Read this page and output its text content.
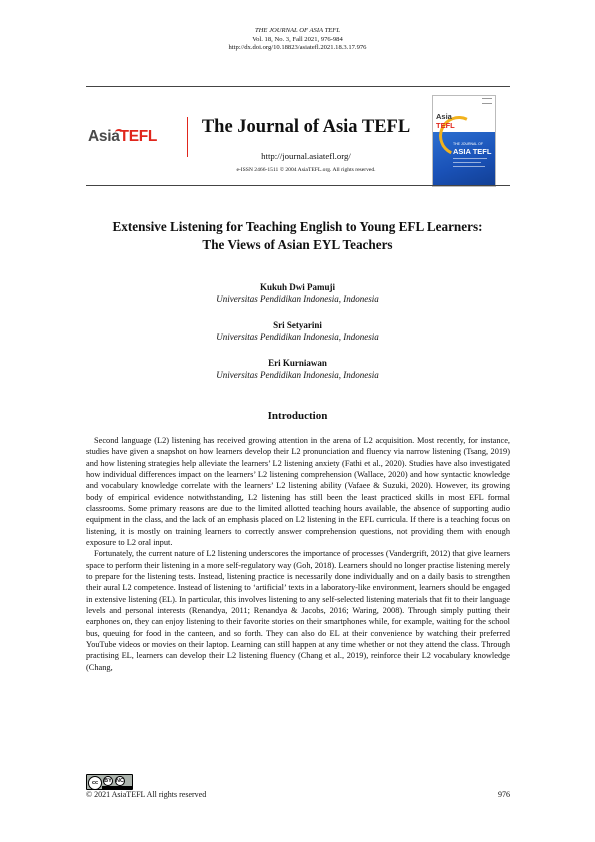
THE JOURNAL OF ASIA TEFL
Vol. 18, No. 3, Fall 2021, 976-984
http://dx.doi.org/10.18823/asiatefl.2021.18.3.17.976
AsiaTEFL	The Journal of Asia TEFL
http://journal.asiatefl.org/
e-ISSN 2466-1511 © 2004 AsiaTEFL.org. All rights reserved.
Asia
TEFL
THE JOURNAL OF
ASIA TEFL
Extensive Listening for Teaching English to Young EFL Learners:
The Views of Asian EYL Teachers
Kukuh Dwi Pamuji
Universitas Pendidikan Indonesia, Indonesia
Sri Setyarini
Universitas Pendidikan Indonesia, Indonesia
Eri Kurniawan
Universitas Pendidikan Indonesia, Indonesia
Introduction

Second language (L2) listening has received growing attention in the arena of L2 acquisition. Most recently, for instance, studies have given a snapshot on how learners develop their L2 pronunciation and fluency via narrow listening (Tsang, 2019) and how listening strategies help alleviate the learners’ L2 listening anxiety (Fathi et al., 2020). Studies have also investigated how individual differences impact on the learners’ L2 listening comprehension (Wallace, 2020) and how syntactic knowledge and vocabulary knowledge correlate with the learners’ L2 listening ability (Vafaee & Suzuki, 2020). However, its growing body of empirical evidence notwithstanding, L2 listening has still been the least practiced skills in most EFL formal classrooms. Some primary reasons are due to the limited allotted teaching hours available, the absence of supporting audio equipment in the class, and the lack of an emphasis placed on L2 listening in the EFL curricula. If there is a teaching focus on listening, it is mostly on training learners to correctly answer comprehension questions, not providing them with enough exposure to L2 oral input.

Fortunately, the current nature of L2 listening underscores the importance of processes (Vandergrift, 2012) that give learners space to perform their listening in a more self-regulatory way (Goh, 2018). Learners should no longer practise listening merely to prepare for the listening tests. Instead, listening practice is necessarily done individually and on a daily basis to strengthen their aural L2 competence. Instead of listening to ‘artificial’ texts in a laboratory-like environment, learners should be engaged in extensive listening (EL). In particular, this involves listening to any self-selected listening materials that fit to their language levels and personal interests (Renandya, 2011; Renandya & Jacobs, 2016; Waring, 2008). Through simply putting their earphones on, they can enjoy listening to their favorite stories on their smartphones while, for example, waiting for the school bus, queuing for food in the canteen, and so forth. They can also do EL at their convenience by watching their preferred YouTube videos or movies on their laptop. Learning can still happen at any time whether or not they attend the class. Through practising EL, learners can develop their L2 listening fluency (Chang et al., 2019), reinforce their L2 vocabulary knowledge (Chang,

cc	BY NC
© 2021 AsiaTEFL All rights reserved	976
